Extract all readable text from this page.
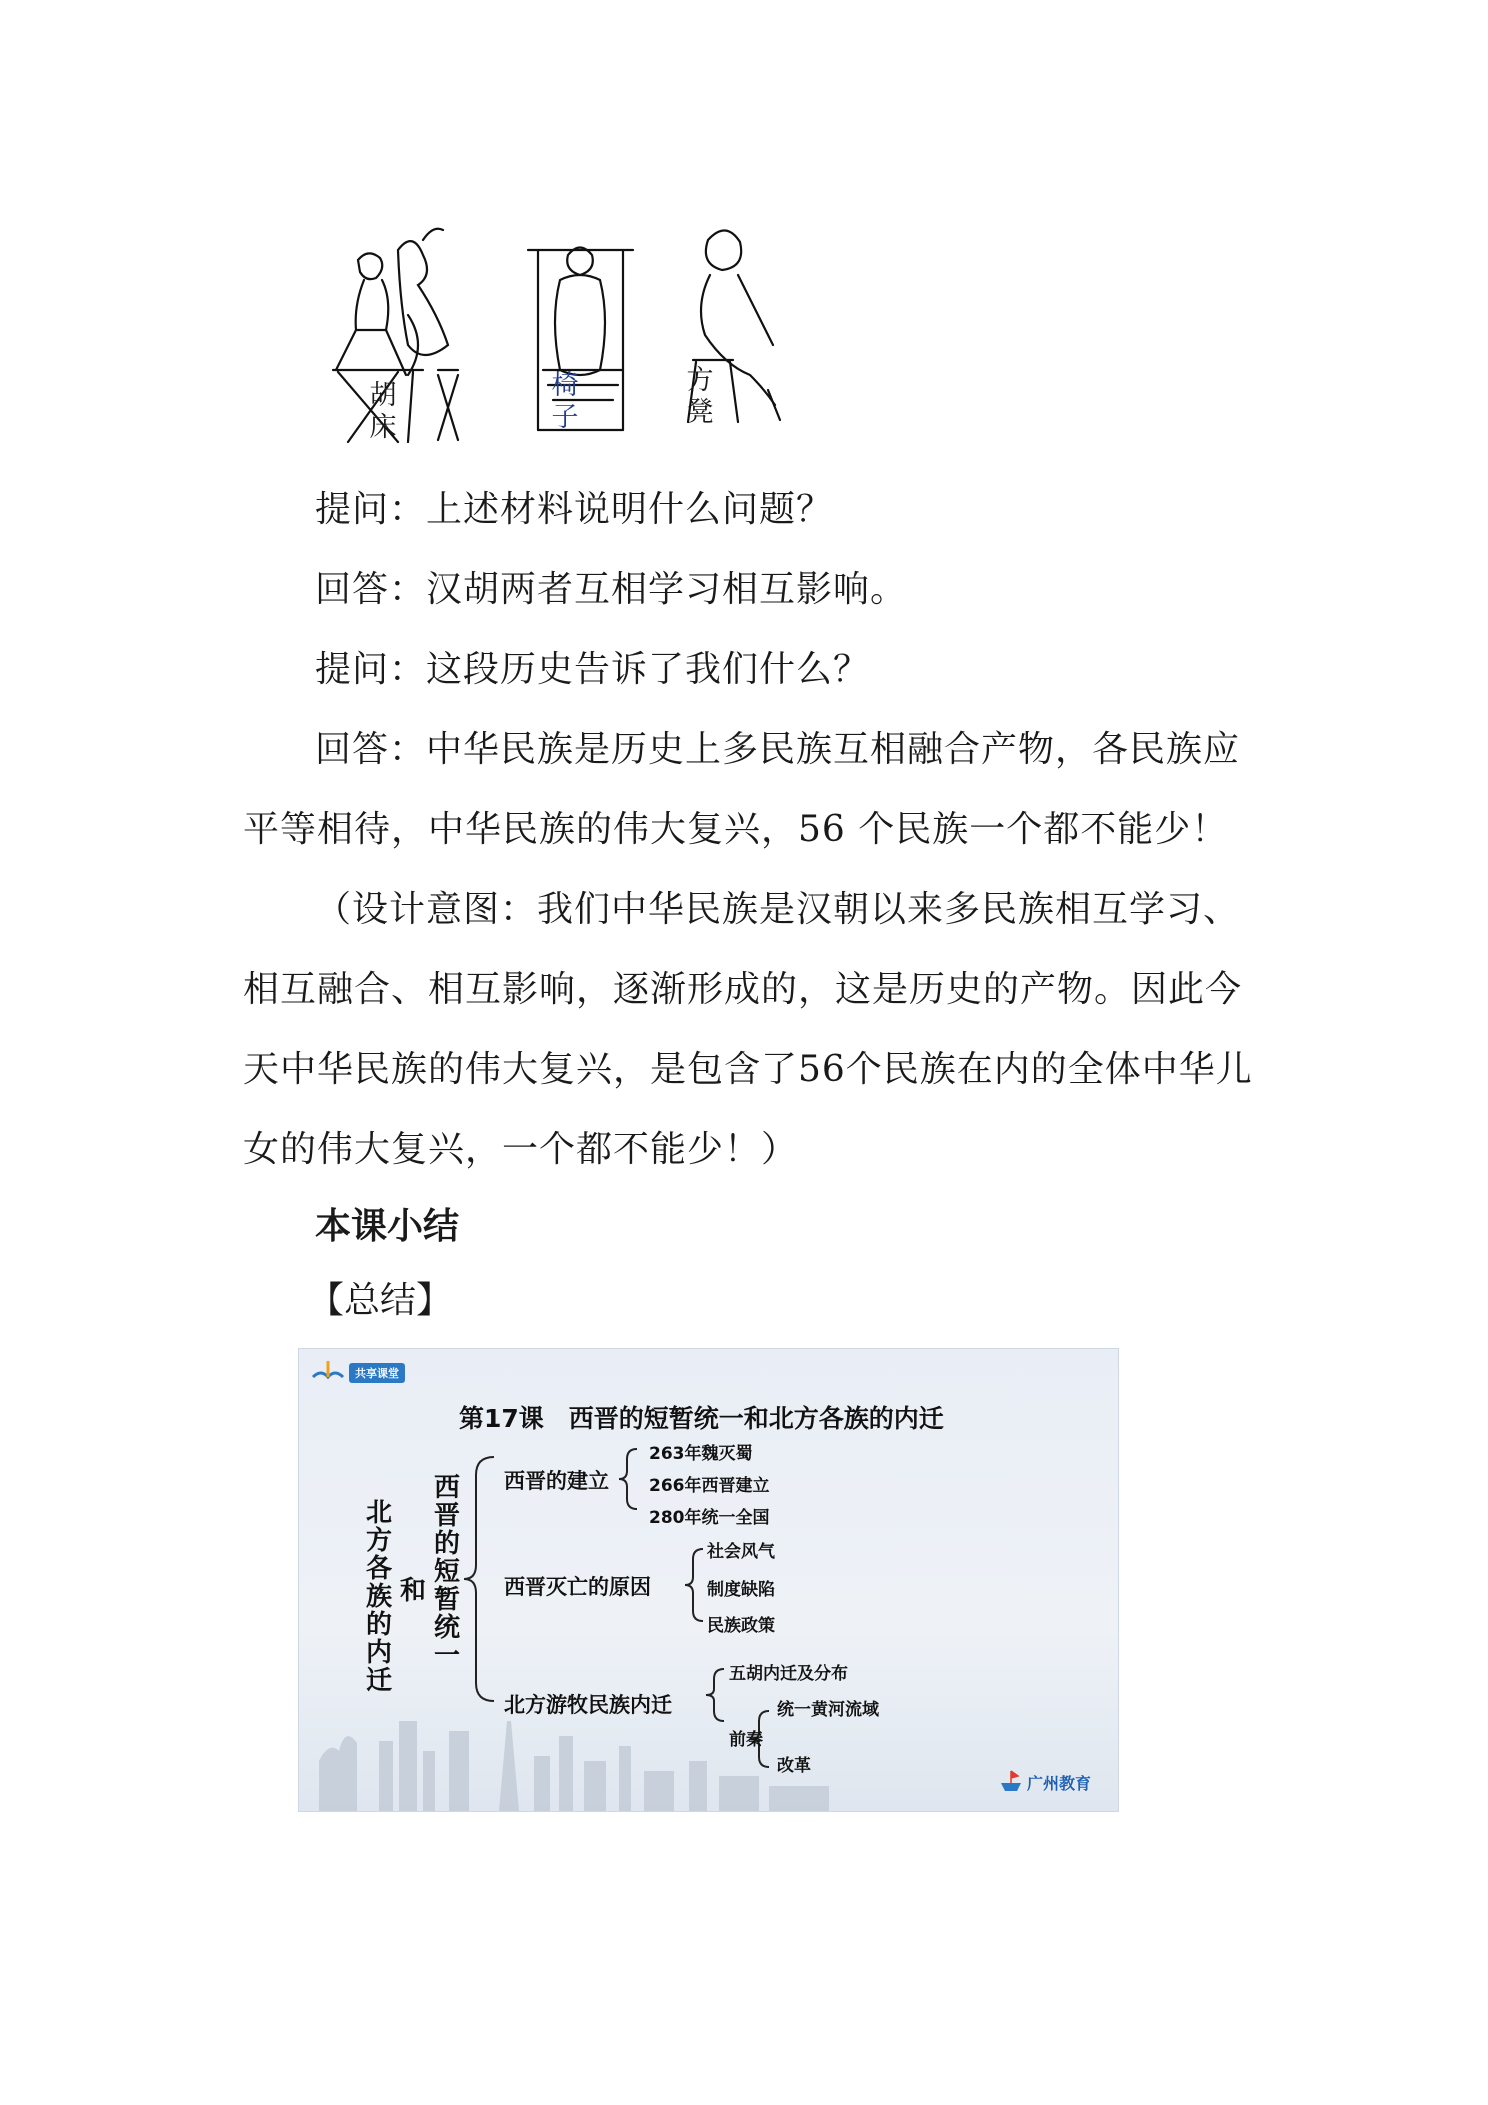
胡
床
椅
子
方
凳
提问：上述材料说明什么问题？
回答：汉胡两者互相学习相互影响。
提问：这段历史告诉了我们什么？
回答：中华民族是历史上多民族互相融合产物，各民族应平等相待，中华民族的伟大复兴，56 个民族一个都不能少！
（设计意图：我们中华民族是汉朝以来多民族相互学习、相互融合、相互影响，逐渐形成的，这是历史的产物。因此今天中华民族的伟大复兴，是包含了56个民族在内的全体中华儿女的伟大复兴，一个都不能少！）
本课小结
【总结】
共享课堂
第17课　西晋的短暂统一和北方各族的内迁
北
方
各
族
的
内
迁
和
西
晋
的
短
暂
统
一
西晋的建立
263年魏灭蜀
266年西晋建立
280年统一全国
西晋灭亡的原因
社会风气
制度缺陷
民族政策
北方游牧民族内迁
五胡内迁及分布
前秦
统一黄河流域
改革
广州教育
